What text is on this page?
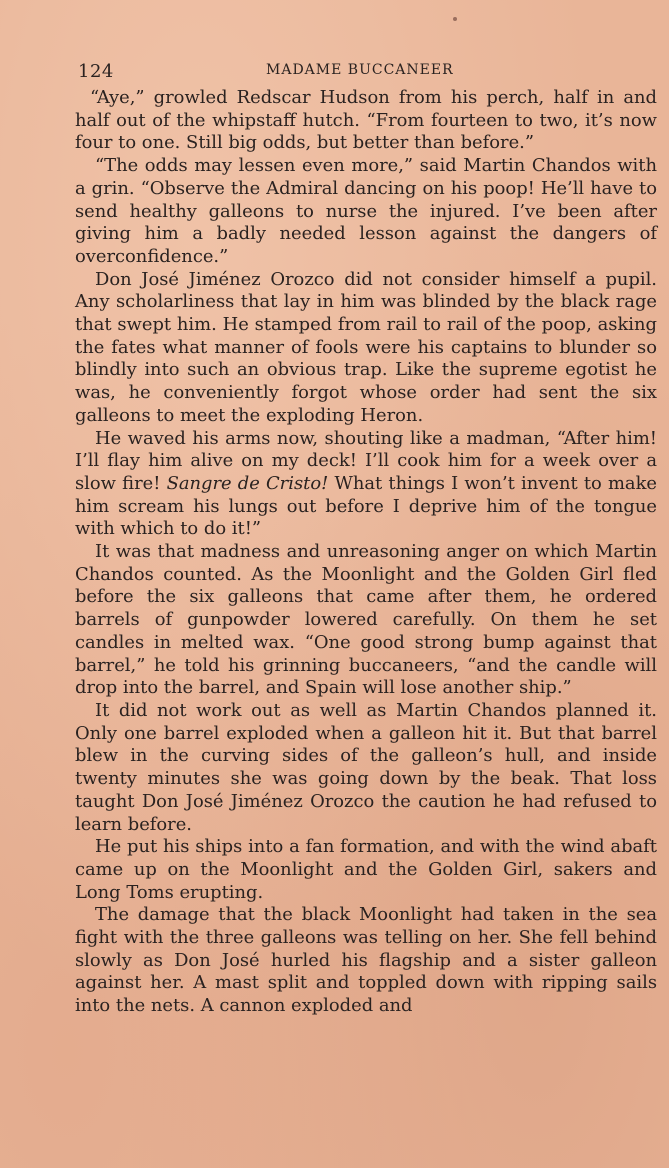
124	MADAME BUCCANEER

“Aye,” growled Redscar Hudson from his perch, half in and half out of the whipstaff hutch. “From fourteen to two, it’s now four to one. Still big odds, but better than before.”

“The odds may lessen even more,” said Martin Chandos with a grin. “Observe the Admiral dancing on his poop! He’ll have to send healthy galleons to nurse the injured. I’ve been after giving him a badly needed lesson against the dangers of overconfidence.”

Don José Jiménez Orozco did not consider himself a pupil. Any scholarliness that lay in him was blinded by the black rage that swept him. He stamped from rail to rail of the poop, asking the fates what manner of fools were his captains to blunder so blindly into such an obvious trap. Like the supreme egotist he was, he conveniently forgot whose order had sent the six galleons to meet the exploding Heron.

He waved his arms now, shouting like a madman, “After him! I’ll flay him alive on my deck! I’ll cook him for a week over a slow fire! Sangre de Cristo! What things I won’t invent to make him scream his lungs out before I deprive him of the tongue with which to do it!”

It was that madness and unreasoning anger on which Martin Chandos counted. As the Moonlight and the Golden Girl fled before the six galleons that came after them, he ordered barrels of gunpowder lowered carefully. On them he set candles in melted wax. “One good strong bump against that barrel,” he told his grinning buccaneers, “and the candle will drop into the barrel, and Spain will lose another ship.”

It did not work out as well as Martin Chandos planned it. Only one barrel exploded when a galleon hit it. But that barrel blew in the curving sides of the galleon’s hull, and inside twenty minutes she was going down by the beak. That loss taught Don José Jiménez Orozco the caution he had refused to learn before.

He put his ships into a fan formation, and with the wind abaft came up on the Moonlight and the Golden Girl, sakers and Long Toms erupting.

The damage that the black Moonlight had taken in the sea fight with the three galleons was telling on her. She fell behind slowly as Don José hurled his flagship and a sister galleon against her. A mast split and toppled down with ripping sails into the nets. A cannon exploded and
